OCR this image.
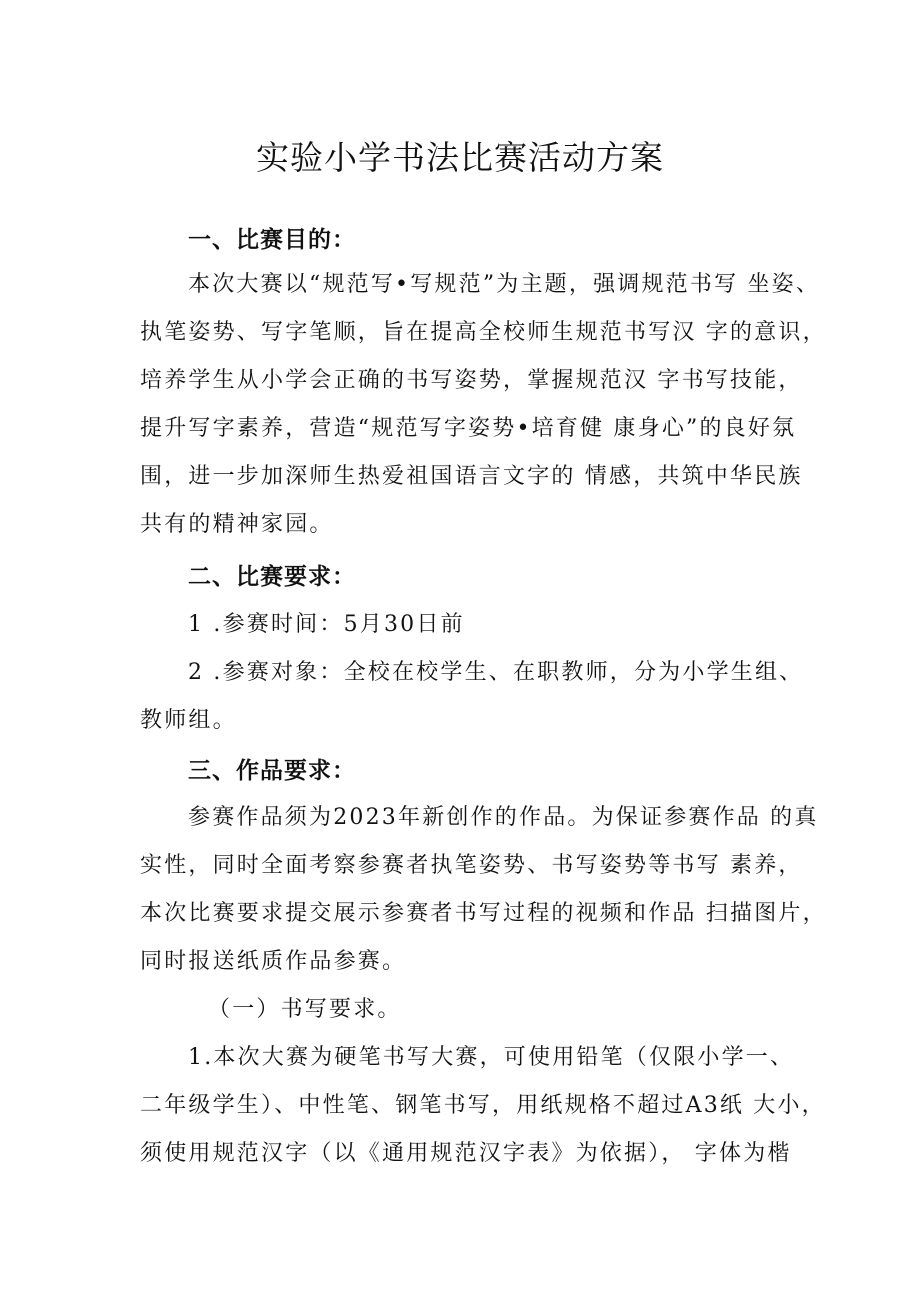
实验小学书法比赛活动方案
一、比赛目的：
本次大赛以“规范写•写规范”为主题，强调规范书写 坐姿、
执笔姿势、写字笔顺，旨在提高全校师生规范书写汉 字的意识，
培养学生从小学会正确的书写姿势，掌握规范汉 字书写技能，
提升写字素养，营造“规范写字姿势•培育健 康身心”的良好氛
围，进一步加深师生热爱祖国语言文字的 情感，共筑中华民族
共有的精神家园。
二、比赛要求：
1 .参赛时间：5月30日前
2 .参赛对象：全校在校学生、在职教师，分为小学生组、
教师组。
三、作品要求：
参赛作品须为2023年新创作的作品。为保证参赛作品 的真
实性，同时全面考察参赛者执笔姿势、书写姿势等书写 素养，
本次比赛要求提交展示参赛者书写过程的视频和作品 扫描图片，
同时报送纸质作品参赛。
（一）书写要求。
1.本次大赛为硬笔书写大赛，可使用铅笔（仅限小学一、
二年级学生）、中性笔、钢笔书写，用纸规格不超过A3纸 大小，
须使用规范汉字（以《通用规范汉字表》为依据）， 字体为楷
